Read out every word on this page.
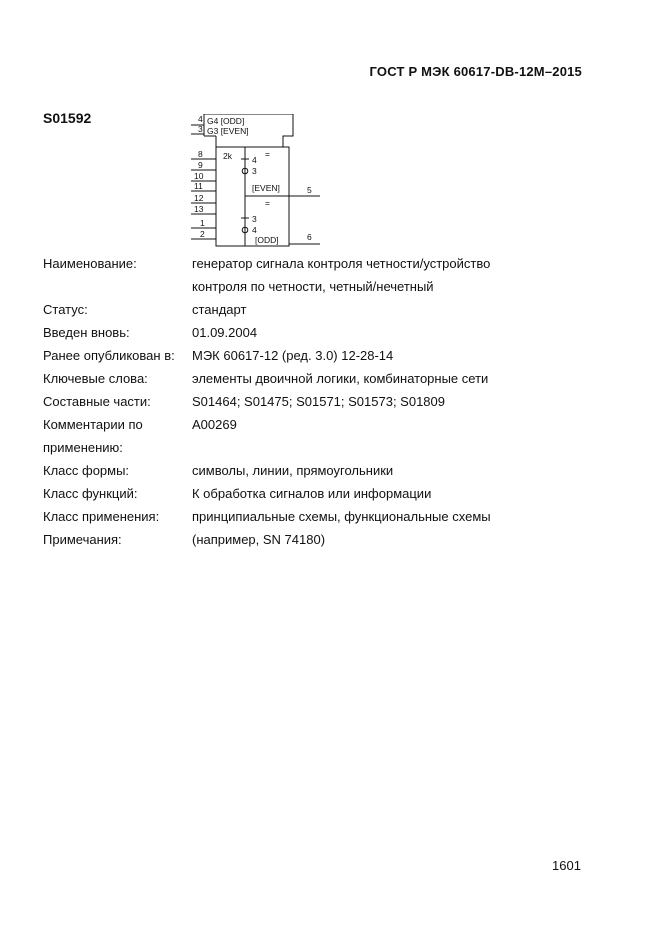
ГОСТ Р МЭК 60617-DB-12M–2015
S01592	4
3
G4 [ODD]
G3 [EVEN]
8
9
10
11
12
13
1
2
2k	=
4
3
[EVEN]
=
3
4
[ODD]
5
6
Наименование:	генератор сигнала контроля четности/устройство
контроля по четности, четный/нечетный
Статус:	стандарт
Введен вновь:	01.09.2004
Ранее опубликован в:	МЭК 60617-12 (ред. 3.0) 12-28-14
Ключевые слова:	элементы двоичной логики, комбинаторные сети
Составные части:	S01464; S01475; S01571; S01573; S01809
Комментарии по	A00269
применению:
Класс формы:	символы, линии, прямоугольники
Класс функций:	К обработка сигналов или информации
Класс применения:	принципиальные схемы, функциональные схемы
Примечания:	(например, SN 74180)
1601
